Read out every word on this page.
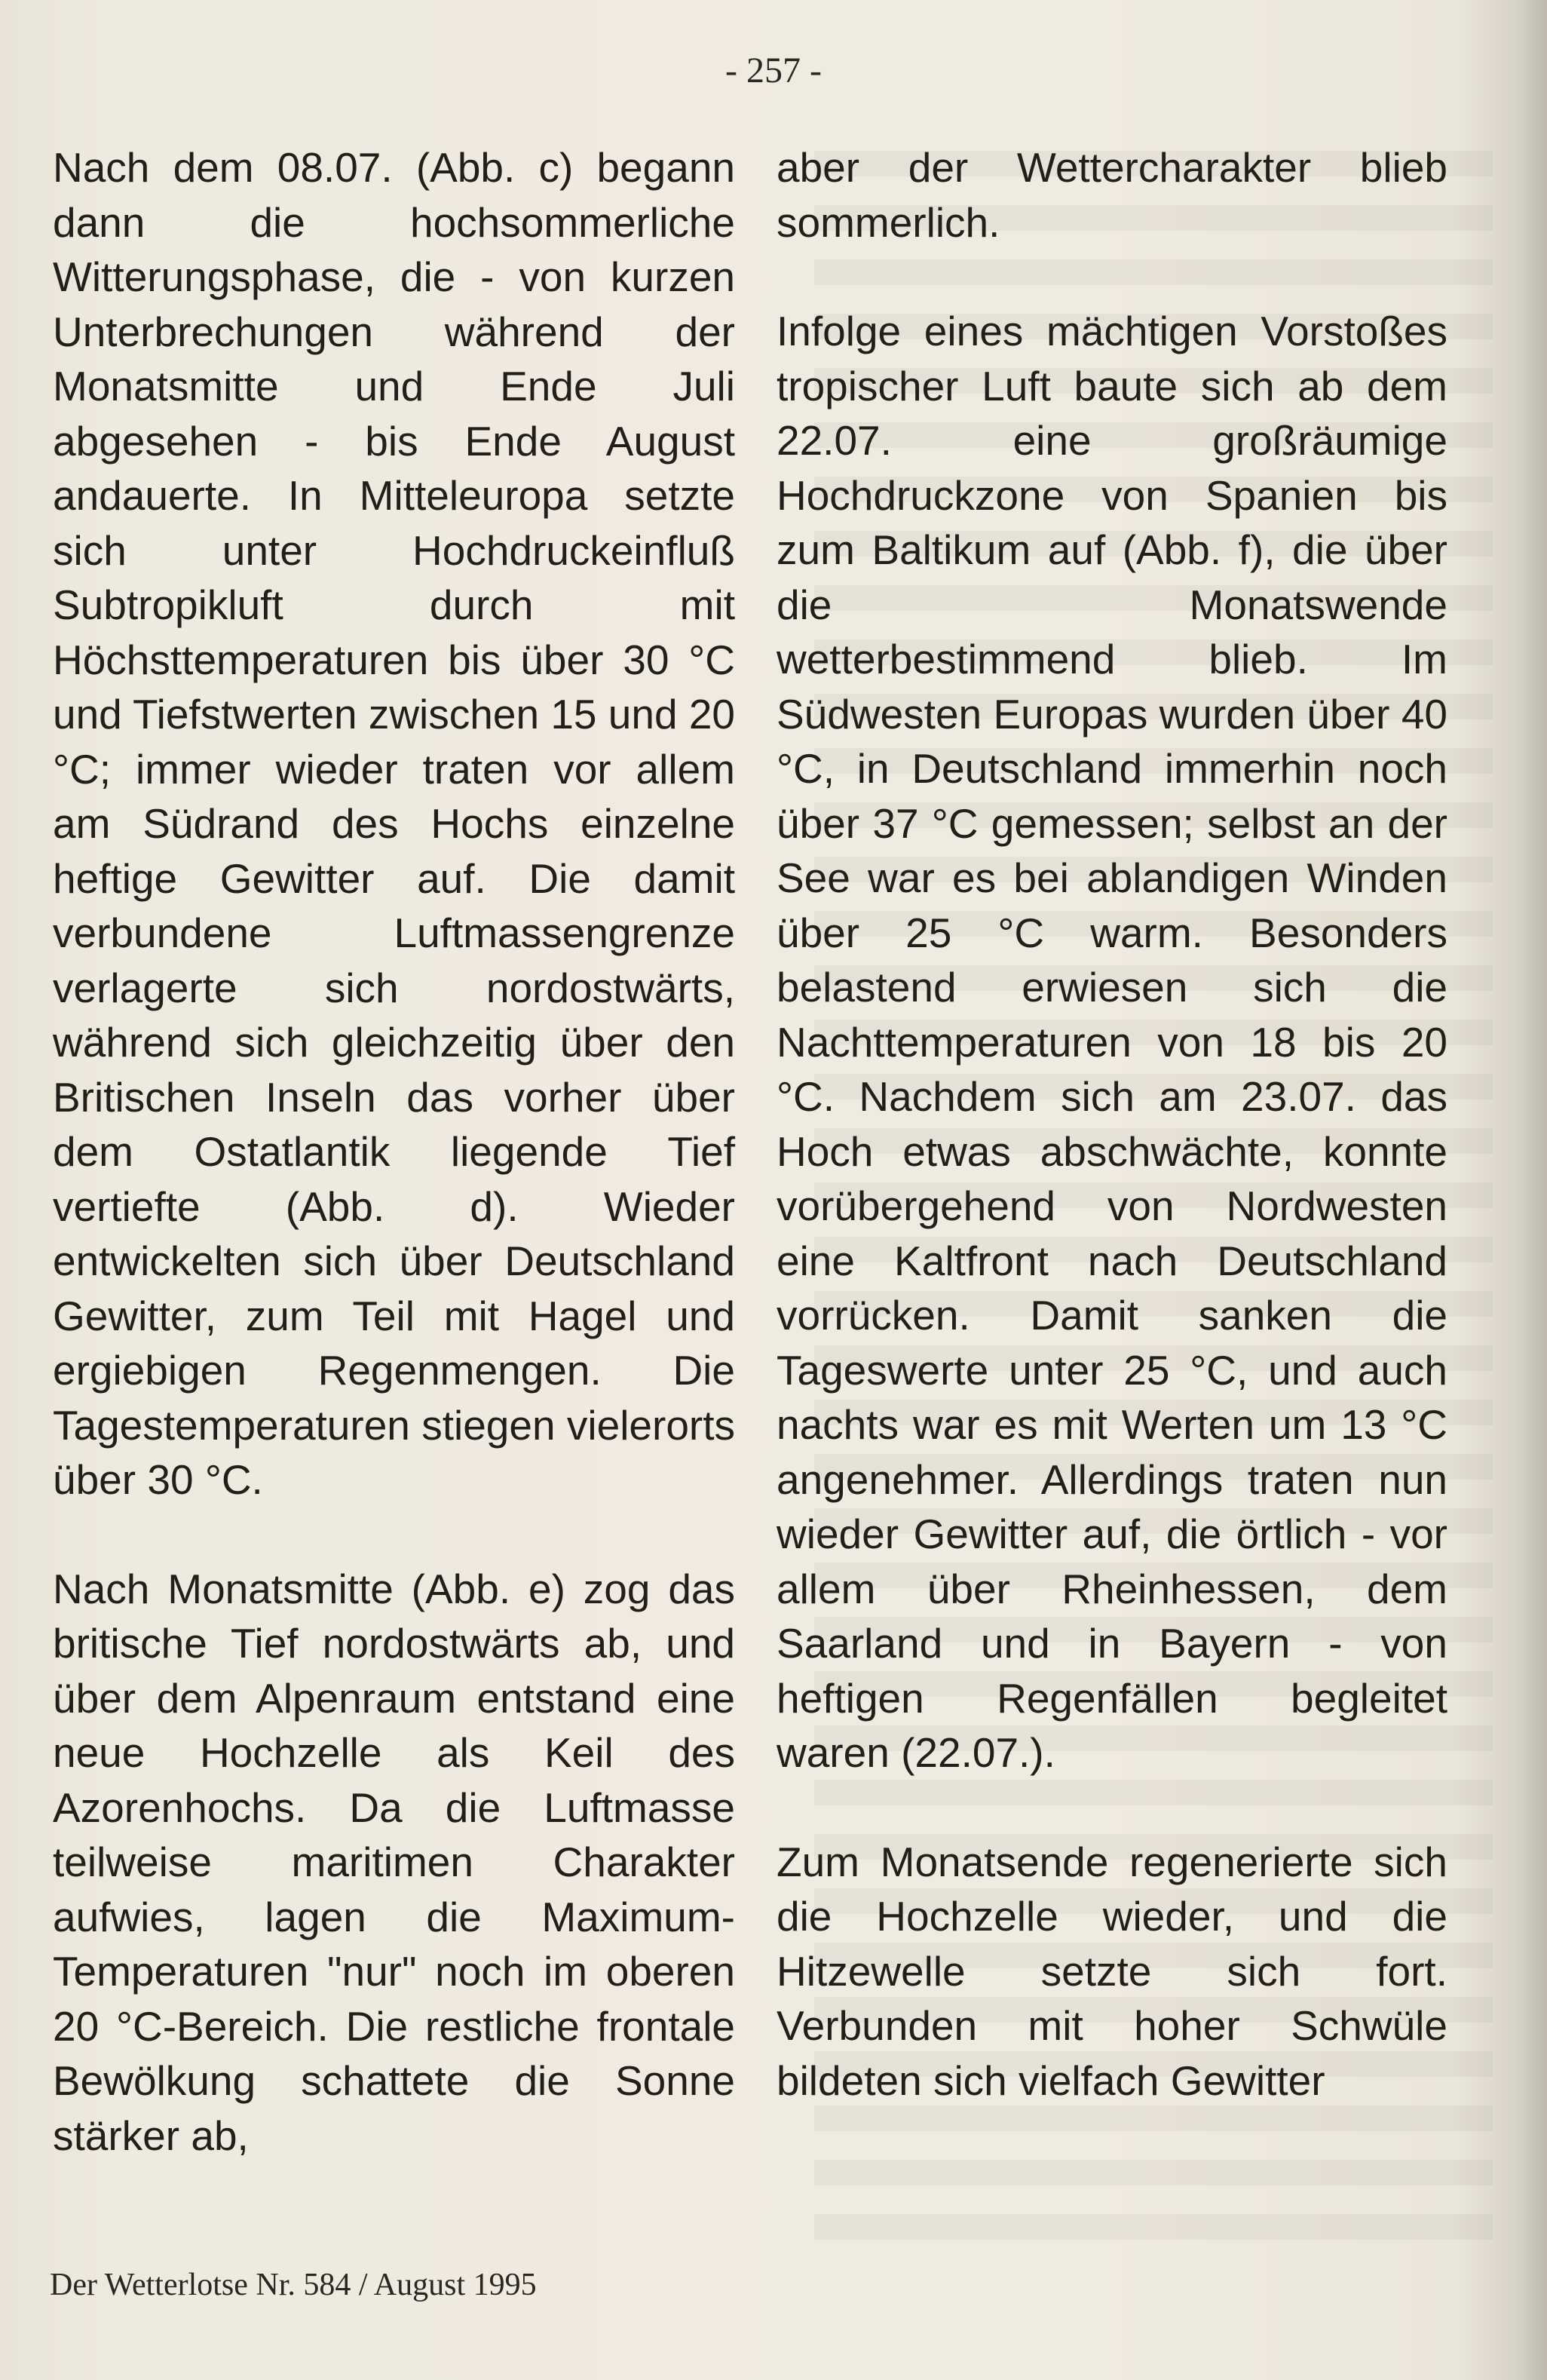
- 257 -

Nach dem 08.07. (Abb. c) begann dann die hochsommerliche Witterungsphase, die - von kurzen Unterbrechungen während der Monatsmitte und Ende Juli abgesehen - bis Ende August andauerte. In Mitteleuropa setzte sich unter Hochdruckeinfluß Subtropikluft durch mit Höchsttemperaturen bis über 30 °C und Tiefstwerten zwischen 15 und 20 °C; immer wieder traten vor allem am Südrand des Hochs einzelne heftige Gewitter auf. Die damit verbundene Luftmassengrenze verlagerte sich nordostwärts, während sich gleichzeitig über den Britischen Inseln das vorher über dem Ostatlantik liegende Tief vertiefte (Abb. d). Wieder entwickelten sich über Deutschland Gewitter, zum Teil mit Hagel und ergiebigen Regenmengen. Die Tagestemperaturen stiegen vielerorts über 30 °C.

Nach Monatsmitte (Abb. e) zog das britische Tief nordostwärts ab, und über dem Alpenraum entstand eine neue Hochzelle als Keil des Azorenhochs. Da die Luftmasse teilweise maritimen Charakter aufwies, lagen die Maximum-Temperaturen "nur" noch im oberen 20 °C-Bereich. Die restliche frontale Bewölkung schattete die Sonne stärker ab,

aber der Wettercharakter blieb sommerlich.

Infolge eines mächtigen Vorstoßes tropischer Luft baute sich ab dem 22.07. eine großräumige Hochdruckzone von Spanien bis zum Baltikum auf (Abb. f), die über die Monatswende wetterbestimmend blieb. Im Südwesten Europas wurden über 40 °C, in Deutschland immerhin noch über 37 °C gemessen; selbst an der See war es bei ablandigen Winden über 25 °C warm. Besonders belastend erwiesen sich die Nachttemperaturen von 18 bis 20 °C. Nachdem sich am 23.07. das Hoch etwas abschwächte, konnte vorübergehend von Nordwesten eine Kaltfront nach Deutschland vorrücken. Damit sanken die Tageswerte unter 25 °C, und auch nachts war es mit Werten um 13 °C angenehmer. Allerdings traten nun wieder Gewitter auf, die örtlich - vor allem über Rheinhessen, dem Saarland und in Bayern - von heftigen Regenfällen begleitet waren (22.07.).

Zum Monatsende regenerierte sich die Hochzelle wieder, und die Hitzewelle setzte sich fort. Verbunden mit hoher Schwüle bildeten sich vielfach Gewitter

Der Wetterlotse Nr. 584 / August 1995
